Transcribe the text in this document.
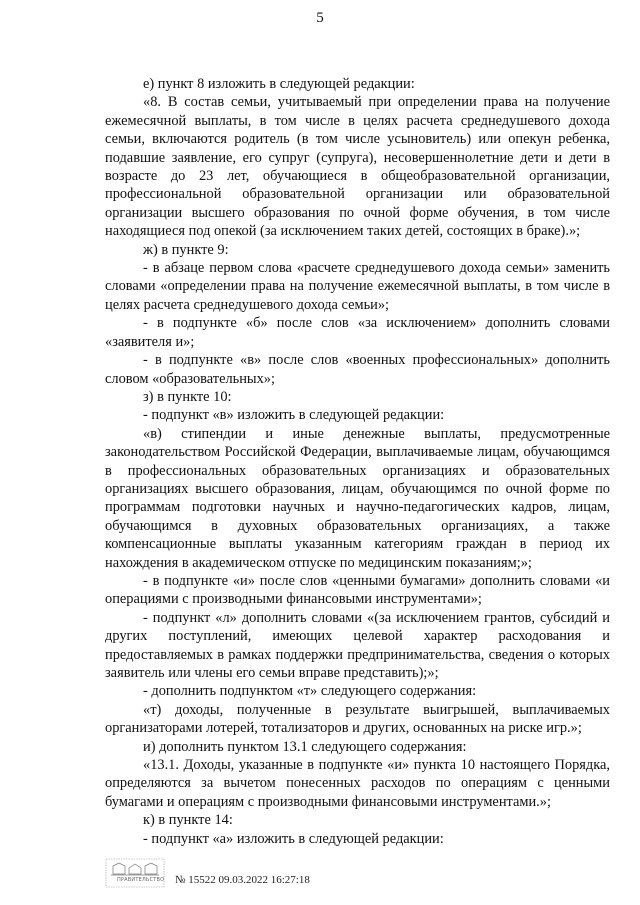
5

е) пункт 8 изложить в следующей редакции:

«8. В состав семьи, учитываемый при определении права на получение ежемесячной выплаты, в том числе в целях расчета среднедушевого дохода семьи, включаются родитель (в том числе усыновитель) или опекун ребенка, подавшие заявление, его супруг (супруга), несовершеннолетние дети и дети в возрасте до 23 лет, обучающиеся в общеобразовательной организации, профессиональной образовательной организации или образовательной организации высшего образования по очной форме обучения, в том числе находящиеся под опекой (за исключением таких детей, состоящих в браке).»;

ж) в пункте 9:

- в абзаце первом слова «расчете среднедушевого дохода семьи» заменить словами «определении права на получение ежемесячной выплаты, в том числе в целях расчета среднедушевого дохода семьи»;

- в подпункте «б» после слов «за исключением» дополнить словами «заявителя и»;

- в подпункте «в» после слов «военных профессиональных» дополнить словом «образовательных»;

з) в пункте 10:

- подпункт «в» изложить в следующей редакции:

«в) стипендии и иные денежные выплаты, предусмотренные законодательством Российской Федерации, выплачиваемые лицам, обучающимся в профессиональных образовательных организациях и образовательных организациях высшего образования, лицам, обучающимся по очной форме по программам подготовки научных и научно-педагогических кадров, лицам, обучающимся в духовных образовательных организациях, а также компенсационные выплаты указанным категориям граждан в период их нахождения в академическом отпуске по медицинским показаниям;»;

- в подпункте «и» после слов «ценными бумагами» дополнить словами «и операциями с производными финансовыми инструментами»;

- подпункт «л» дополнить словами «(за исключением грантов, субсидий и других поступлений, имеющих целевой характер расходования и предоставляемых в рамках поддержки предпринимательства, сведения о которых заявитель или члены его семьи вправе представить);»;

- дополнить подпунктом «т» следующего содержания:

«т) доходы, полученные в результате выигрышей, выплачиваемых организаторами лотерей, тотализаторов и других, основанных на риске игр.»;

и) дополнить пунктом 13.1 следующего содержания:

«13.1. Доходы, указанные в подпункте «и» пункта 10 настоящего Порядка, определяются за вычетом понесенных расходов по операциям с ценными бумагами и операциям с производными финансовыми инструментами.»;

к) в пункте 14:

- подпункт «а» изложить в следующей редакции:

ПРАВИТЕЛЬСТВО № 15522 09.03.2022 16:27:18
